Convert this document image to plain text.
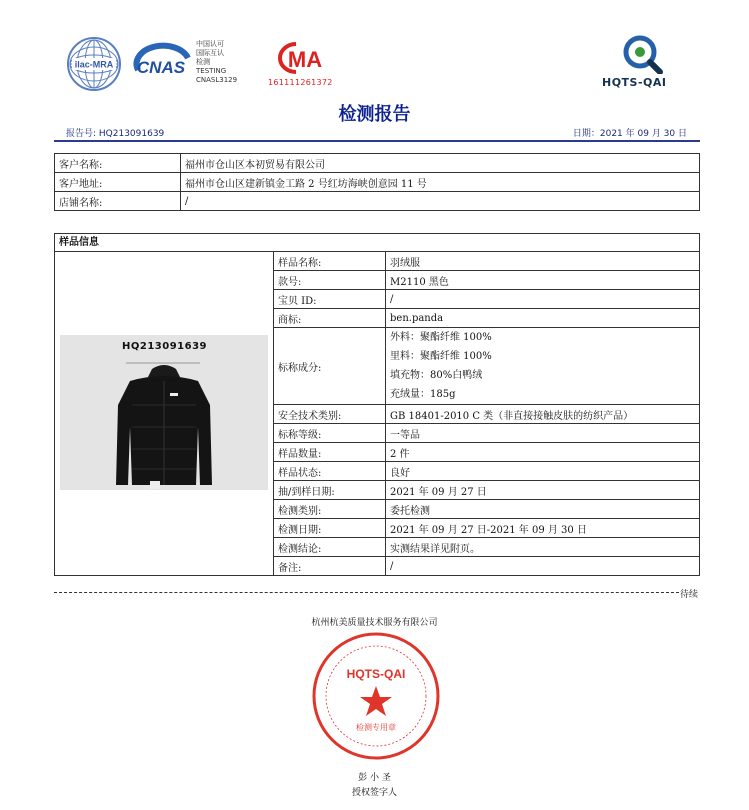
ilac-MRA CNAS
中国认可
国际互认
检测
TESTING
CNASL3129
MA
161111261372	HQTS-QAI
检测报告
报告号: HQ213091639	日期：2021 年 09 月 30 日
客户名称:	福州市仓山区本初贸易有限公司
客户地址:	福州市仓山区建新镇金工路 2 号红坊海峡创意园 11 号
店铺名称:	/
样品信息
HQ213091639	样品名称:	羽绒服
	款号:	M2110 黑色
	宝贝 ID:	/
	商标:	ben.panda
	标称成分:	外料：聚酯纤维 100%
里料：聚酯纤维 100%
填充物：80%白鸭绒
充绒量：185g

	安全技术类别:	GB 18401-2010 C 类（非直接接触皮肤的纺织产品）
	标称等级:	一等品
	样品数量:	2 件
	样品状态:	良好
	抽/到样日期:	2021 年 09 月 27 日
	检测类别:	委托检测
	检测日期:	2021 年 09 月 27 日-2021 年 09 月 30 日
	检测结论:	实测结果详见附页。
	备注:	/
待续
杭州杭美质量技术服务有限公司
HQTS-QAI
检测专用章
彭 小 圣
授权签字人
